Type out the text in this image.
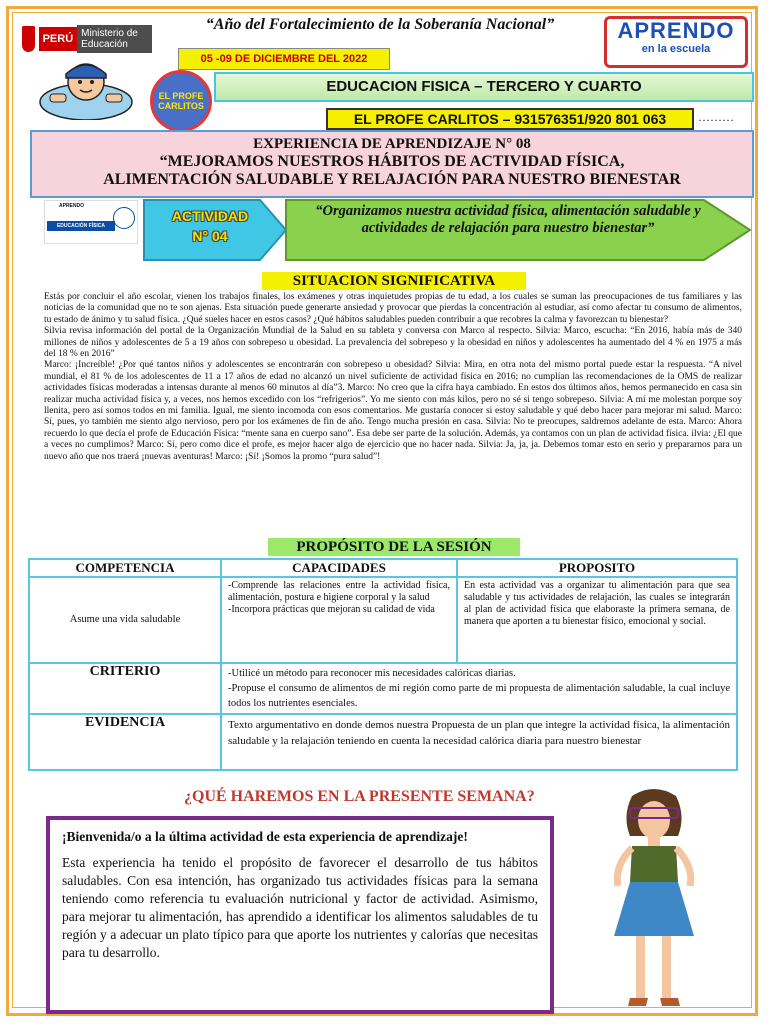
PERÚ Ministerio de Educación
“Año del Fortalecimiento de la Soberanía Nacional”
05 -09 DE DICIEMBRE DEL 2022
APRENDO
en la escuela
EL PROFE CARLITOS
EDUCACION FISICA – TERCERO Y CUARTO
EL PROFE CARLITOS – 931576351/920 801 063	………
EXPERIENCIA DE APRENDIZAJE N° 08
“MEJORAMOS NUESTROS HÁBITOS DE ACTIVIDAD FÍSICA,
ALIMENTACIÓN SALUDABLE Y RELAJACIÓN PARA NUESTRO BIENESTAR
APRENDO
EDUCACIÓN FÍSICA
ACTIVIDAD
N° 04
“Organizamos nuestra actividad física, alimentación saludable y actividades de relajación para nuestro bienestar”
SITUACION SIGNIFICATIVA

Estás por concluir el año escolar, vienen los trabajos finales, los exámenes y otras inquietudes propias de tu edad, a los cuales se suman las preocupaciones de tus familiares y las noticias de la comunidad que no te son ajenas. Esta situación puede generarte ansiedad y provocar que pierdas la concentración al estudiar, así como afectar tu consumo de alimentos, tu estado de ánimo y tu salud física. ¿Qué sueles hacer en estos casos? ¿Qué hábitos saludables pueden contribuir a que recobres la calma y favorezcan tu bienestar?

Silvia revisa información del portal de la Organización Mundial de la Salud en su tableta y conversa con Marco al respecto. Silvia: Marco, escucha: “En 2016, había más de 340 millones de niños y adolescentes de 5 a 19 años con sobrepeso u obesidad. La prevalencia del sobrepeso y la obesidad en niños y adolescentes ha aumentado del 4 % en 1975 a más del 18 % en 2016”

Marco: ¡Increíble! ¿Por qué tantos niños y adolescentes se encontrarán con sobrepeso u obesidad? Silvia: Mira, en otra nota del mismo portal puede estar la respuesta. “A nivel mundial, el 81 % de los adolescentes de 11 a 17 años de edad no alcanzó un nivel suficiente de actividad física en 2016; no cumplían las recomendaciones de la OMS de realizar actividades físicas moderadas a intensas durante al menos 60 minutos al día”3. Marco: No creo que la cifra haya cambiado. En estos dos últimos años, hemos permanecido en casa sin realizar mucha actividad física y, a veces, nos hemos excedido con los “refrigerios”. Yo me siento con más kilos, pero no sé si tengo sobrepeso. Silvia: A mí me molestan porque soy llenita, pero así somos todos en mi familia. Igual, me siento incomoda con esos comentarios. Me gustaría conocer si estoy saludable y qué debo hacer para mejorar mi salud. Marco: Sí, pues, yo también me siento algo nervioso, pero por los exámenes de fin de año. Tengo mucha presión en casa. Silvia: No te preocupes, saldremos adelante de esta. Marco: Ahora recuerdo lo que decía el profe de Educación Física: “mente sana en cuerpo sano”. Esa debe ser parte de la solución. Además, ya contamos con un plan de actividad física. ilvia: ¿El que a veces no cumplimos? Marco: Sí, pero como dice el profe, es mejor hacer algo de ejercicio que no hacer nada. Silvia: Ja, ja, ja. Debemos tomar esto en serio y prepararnos para un nuevo año que nos traerá ¡nuevas aventuras! Marco: ¡Sí! ¡Somos la promo “pura salud”!

PROPÓSITO DE LA SESIÓN
COMPETENCIA	CAPACIDADES	PROPOSITO
Asume una vida saludable	-Comprende las relaciones entre la actividad física, alimentación, postura e higiene corporal y la salud
-Incorpora prácticas que mejoran su calidad de vida	En esta actividad vas a organizar tu alimentación para que sea saludable y tus actividades de relajación, las cuales se integrarán al plan de actividad física que elaboraste la primera semana, de manera que aporten a tu bienestar físico, emocional y social.
CRITERIO	-Utilicé un método para reconocer mis necesidades calóricas diarias.
-Propuse el consumo de alimentos de mi región como parte de mi propuesta de alimentación saludable, la cual incluye todos los nutrientes esenciales.	
EVIDENCIA	Texto argumentativo en donde demos nuestra Propuesta de un plan que integre la actividad física, la alimentación saludable y la relajación teniendo en cuenta la necesidad calórica diaria para nuestro bienestar	
¿QUÉ HAREMOS EN LA PRESENTE SEMANA?

¡Bienvenida/o a la última actividad de esta experiencia de aprendizaje!

Esta experiencia ha tenido el propósito de favorecer el desarrollo de tus hábitos saludables. Con esa intención, has organizado tus actividades físicas para la semana teniendo como referencia tu evaluación nutricional y factor de actividad. Asimismo, para mejorar tu alimentación, has aprendido a identificar los alimentos saludables de tu región y a adecuar un plato típico para que aporte los nutrientes y calorías que necesitas para tu desarrollo.
